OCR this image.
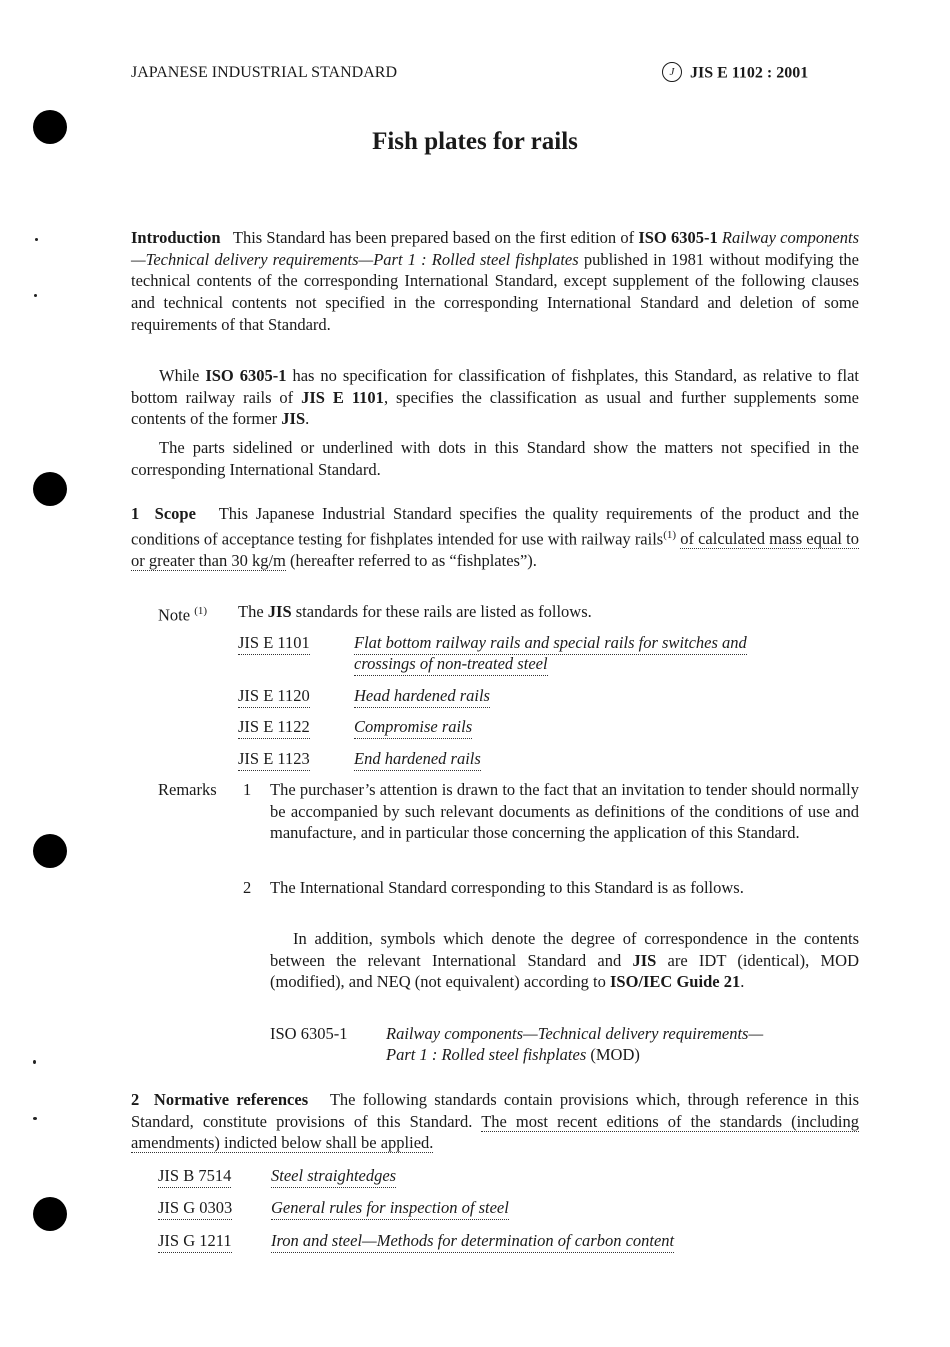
JAPANESE INDUSTRIAL STANDARD	J JIS E 1102 : 2001
Fish plates for rails

Introduction This Standard has been prepared based on the first edition of ISO 6305-1 Railway components—Technical delivery requirements—Part 1 : Rolled steel fishplates published in 1981 without modifying the technical contents of the corresponding International Standard, except supplement of the following clauses and technical contents not specified in the corresponding International Standard and deletion of some requirements of that Standard.

While ISO 6305-1 has no specification for classification of fishplates, this Standard, as relative to flat bottom railway rails of JIS E 1101, specifies the classification as usual and further supplements some contents of the former JIS.

The parts sidelined or underlined with dots in this Standard show the matters not specified in the corresponding International Standard.

1 Scope This Japanese Industrial Standard specifies the quality requirements of the product and the conditions of acceptance testing for fishplates intended for use with railway rails$^{(1)}$ of calculated mass equal to or greater than 30 kg/m (hereafter referred to as “fishplates”).

Note $^{(1)}$ The JIS standards for these rails are listed as follows.
JIS E 1101	Flat bottom railway rails and special rails for switches and
crossings of non-treated steel
JIS E 1120	Head hardened rails
JIS E 1122	Compromise rails
JIS E 1123	End hardened rails
Remarks 1 The purchaser’s attention is drawn to the fact that an invitation to tender should normally be accompanied by such relevant documents as definitions of the conditions of use and manufacture, and in particular those concerning the application of this Standard.

2 The International Standard corresponding to this Standard is as follows.

In addition, symbols which denote the degree of correspondence in the contents between the relevant International Standard and JIS are IDT (identical), MOD (modified), and NEQ (not equivalent) according to ISO/IEC Guide 21.

ISO 6305-1 Railway components—Technical delivery requirements—
Part 1 : Rolled steel fishplates (MOD)

2 Normative references The following standards contain provisions which, through reference in this Standard, constitute provisions of this Standard. The most recent editions of the standards (including amendments) indicted below shall be applied.

JIS B 7514 Steel straightedges
JIS G 0303 General rules for inspection of steel
JIS G 1211 Iron and steel—Methods for determination of carbon content
